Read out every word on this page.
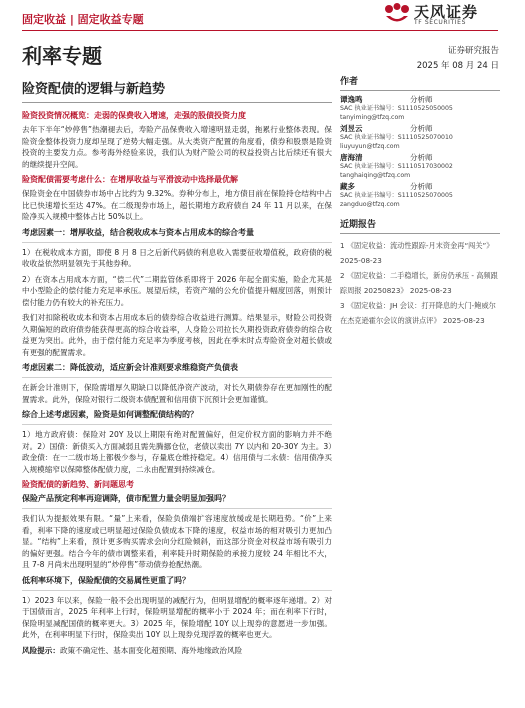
固定收益 | 固定收益专题	天风证券
TF SECURITIES
利率专题
险资配债的逻辑与新趋势
证券研究报告
2025 年 08 月 24 日
险资投资情况概览：走弱的保费收入增速，走强的股债投资力度
去年下半年“炒停售”热潮褪去后，寿险产品保费收入增速明显走弱，拖累行业整体表现。保险资金整体投资力度却呈现了逆势大幅走强。从大类资产配置的角度看，债券和股票是险资投资的主要发力点。参考海外经验来说，我们认为财产险公司的权益投资占比后续还有很大的继续提升空间。
险资配债需要考虑什么：在增厚收益与平滑波动中选择最优解
保险资金在中国债券市场中占比约为 9.32%。券种分布上，地方债目前在保险持仓结构中占比已快速增长至达 47%。在二级现券市场上，超长期地方政府债自 24 年 11 月以来，在保险净买入规模中整体占比 50%以上。
考虑因素一：增厚收益，结合税收成本与资本占用成本的综合考量
1）在税收成本方面，即使 8 月 8 日之后新代码债的利息收入需要征收增值税，政府债的税收收益依然明显领先于其他券种。
2）在资本占用成本方面，“偿二代”二期监管体系即将于 2026 年起全面实施，险企尤其是中小型险企的偿付能力充足率承压。展望后续，若资产端的公允价值提升幅度回落，则预计偿付能力仍有较大的补充压力。
我们对扣除税收成本和资本占用成本后的债券综合收益进行测算。结果显示，财险公司投资久期偏短的政府债券能获得更高的综合收益率，人身险公司拉长久期投资政府债券的综合收益更为突出。此外，由于偿付能力充足率为季度考核，因此在季末时点寿险资金对超长债或有更强的配置需求。
考虑因素二：降低波动，适应新会计准则要求维稳资产负债表
在新会计准则下，保险需增厚久期缺口以降低净资产波动，对长久期债券存在更加刚性的配置需求。此外，保险对银行二级资本债配置和信用债下沉预计会更加谨慎。
综合上述考虑因素，险资是如何调整配债结构的？
1）地方政府债：保险对 20Y 及以上期限有绝对配置偏好，但定价权方面的影响力并不绝对。2）国债：新债买入方面减弱且需先腾挪仓位，老债以卖出 7Y 以内和 20-30Y 为主。3）政金债：在一二级市场上都极少参与，存量底仓维持稳定。4）信用债与二永债：信用债净买入规模缩窄以保障整体配债力度，二永由配置到持续减仓。
险资配债的新趋势、新问题思考
保险产品预定利率再迎调降，债市配置力量会明显加强吗？
我们认为提振效果有限。“量”上来看，保险负债端扩容速度放缓或是长期趋势。“价”上来看，利率下降的速度或已明显超过保险负债成本下降的速度，权益市场的相对吸引力更加凸显。“结构”上来看，预计更多购买需求会向分红险倾斜，而这部分资金对权益市场有吸引力的偏好更强。结合今年的债市调整来看，利率陡升时期保险的承接力度较 24 年相比不大，且 7-8 月尚未出现明显的“炒停售”带动债券抢配热潮。
低利率环境下，保险配债的交易属性更重了吗？
1）2023 年以来，保险一般不会出现明显的减配行为，但明显增配的概率逐年递增。2）对于国债而言，2025 年利率上行时，保险明显增配的概率小于 2024 年；而在利率下行时，保险明显减配国债的概率更大。3）2025 年，保险增配 10Y 以上现券的意愿进一步加强。此外，在利率明显下行时，保险卖出 10Y 以上现券兑现浮盈的概率也更大。
风险提示：政策不确定性、基本面变化超预期、海外地缘政治风险
作者
谭逸鸣	分析师
SAC 执业证书编号：S1110525050005
tanyiming@tfzq.com
刘昱云	分析师
SAC 执业证书编号：S1110525070010
liuyuyun@tfzq.com
唐海清	分析师
SAC 执业证书编号：S1110517030002
tanghaiqing@tfzq.com
藏多	分析师
SAC 执业证书编号：S1110525070005
zangduo@tfzq.com
近期报告
1 《固定收益：流动性跟踪-月末资金再“闯关”》 2025-08-23
2 《固定收益：二手稳增长，新房仍承压 - 高频跟踪周报 20250823》 2025-08-23
3 《固定收益：JH 会议：打开降息的大门-鲍威尔在杰克逊霍尔会议的演讲点评》 2025-08-23
